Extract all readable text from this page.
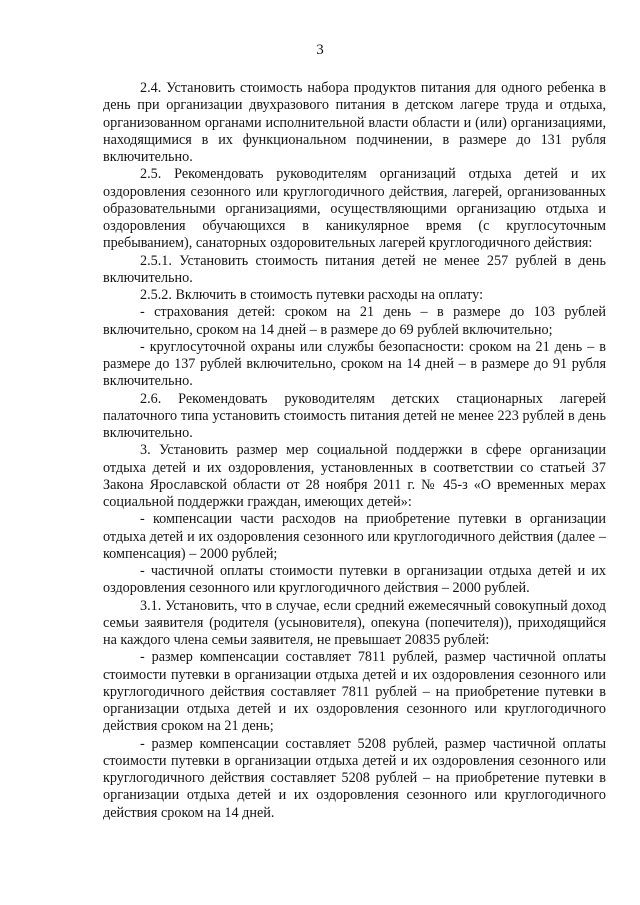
3

2.4. Установить стоимость набора продуктов питания для одного ребенка в день при организации двухразового питания в детском лагере труда и отдыха, организованном органами исполнительной власти области и (или) организациями, находящимися в их функциональном подчинении, в размере до 131 рубля включительно.

2.5. Рекомендовать руководителям организаций отдыха детей и их оздоровления сезонного или круглогодичного действия, лагерей, организованных образовательными организациями, осуществляющими организацию отдыха и оздоровления обучающихся в каникулярное время (с круглосуточным пребыванием), санаторных оздоровительных лагерей круглогодичного действия:

2.5.1. Установить стоимость питания детей не менее 257 рублей в день включительно.

2.5.2. Включить в стоимость путевки расходы на оплату:

- страхования детей: сроком на 21 день – в размере до 103 рублей включительно, сроком на 14 дней – в размере до 69 рублей включительно;

- круглосуточной охраны или службы безопасности: сроком на 21 день – в размере до 137 рублей включительно, сроком на 14 дней – в размере до 91 рубля включительно.

2.6. Рекомендовать руководителям детских стационарных лагерей палаточного типа установить стоимость питания детей не менее 223 рублей в день включительно.

3. Установить размер мер социальной поддержки в сфере организации отдыха детей и их оздоровления, установленных в соответствии со статьей 37 Закона Ярославской области от 28 ноября 2011 г. № 45-з «О временных мерах социальной поддержки граждан, имеющих детей»:

- компенсации части расходов на приобретение путевки в организации отдыха детей и их оздоровления сезонного или круглогодичного действия (далее – компенсация) – 2000 рублей;

- частичной оплаты стоимости путевки в организации отдыха детей и их оздоровления сезонного или круглогодичного действия – 2000 рублей.

3.1. Установить, что в случае, если средний ежемесячный совокупный доход семьи заявителя (родителя (усыновителя), опекуна (попечителя)), приходящийся на каждого члена семьи заявителя, не превышает 20835 рублей:

- размер компенсации составляет 7811 рублей, размер частичной оплаты стоимости путевки в организации отдыха детей и их оздоровления сезонного или круглогодичного действия составляет 7811 рублей – на приобретение путевки в организации отдыха детей и их оздоровления сезонного или круглогодичного действия сроком на 21 день;

- размер компенсации составляет 5208 рублей, размер частичной оплаты стоимости путевки в организации отдыха детей и их оздоровления сезонного или круглогодичного действия составляет 5208 рублей – на приобретение путевки в организации отдыха детей и их оздоровления сезонного или круглогодичного действия сроком на 14 дней.
